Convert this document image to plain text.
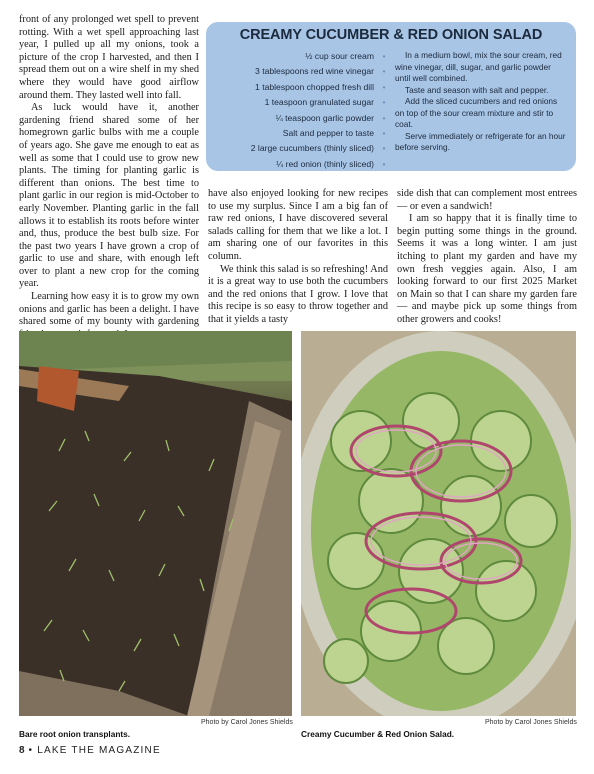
front of any prolonged wet spell to prevent rotting. With a wet spell approaching last year, I pulled up all my onions, took a picture of the crop I harvested, and then I spread them out on a wire shelf in my shed where they would have good airflow around them. They lasted well into fall.

As luck would have it, another gardening friend shared some of her homegrown garlic bulbs with me a couple of years ago. She gave me enough to eat as well as some that I could use to grow new plants. The timing for planting garlic is different than onions. The best time to plant garlic in our region is mid-October to early November. Planting garlic in the fall allows it to establish its roots before winter and, thus, produce the best bulb size. For the past two years I have grown a crop of garlic to use and share, with enough left over to plant a new crop for the coming year.

Learning how easy it is to grow my own onions and garlic has been a delight. I have shared some of my bounty with gardening

CREAMY CUCUMBER & RED ONION SALAD
½ cup sour cream
3 tablespoons red wine vinegar
1 tablespoon chopped fresh dill
1 teaspoon granulated sugar
¼ teaspoon garlic powder
Salt and pepper to taste
2 large cucumbers (thinly sliced)
¼ red onion (thinly sliced)
•
•
•
•
•
•
•
•

In a medium bowl, mix the sour cream, red wine vinegar, dill, sugar, and garlic powder until well combined.

Taste and season with salt and pepper.

Add the sliced cucumbers and red onions on top of the sour cream mixture and stir to coat.

Serve immediately or refrigerate for an hour before serving.

have also enjoyed looking for new recipes to use my surplus. Since I am a big fan of raw red onions, I have discovered several salads calling for them that we like a lot. I am sharing one of our favorites in this column.

We think this salad is so refreshing! And it is a great way to use both the cucumbers and the red onions that I grow. I love that this recipe is so easy to throw together and that it yields a tasty

side dish that can complement most entrees — or even a sandwich!

I am so happy that it is finally time to begin putting some things in the ground. Seems it was a long winter. I am just itching to plant my garden and have my own fresh veggies again. Also, I am looking forward to our first 2025 Market on Main so that I can share my garden fare — and maybe pick up some things from other growers and cooks!

Photo by Carol Jones Shields
Bare root onion transplants.
Photo by Carol Jones Shields
Creamy Cucumber & Red Onion Salad.
8 • LAKE THE MAGAZINE
